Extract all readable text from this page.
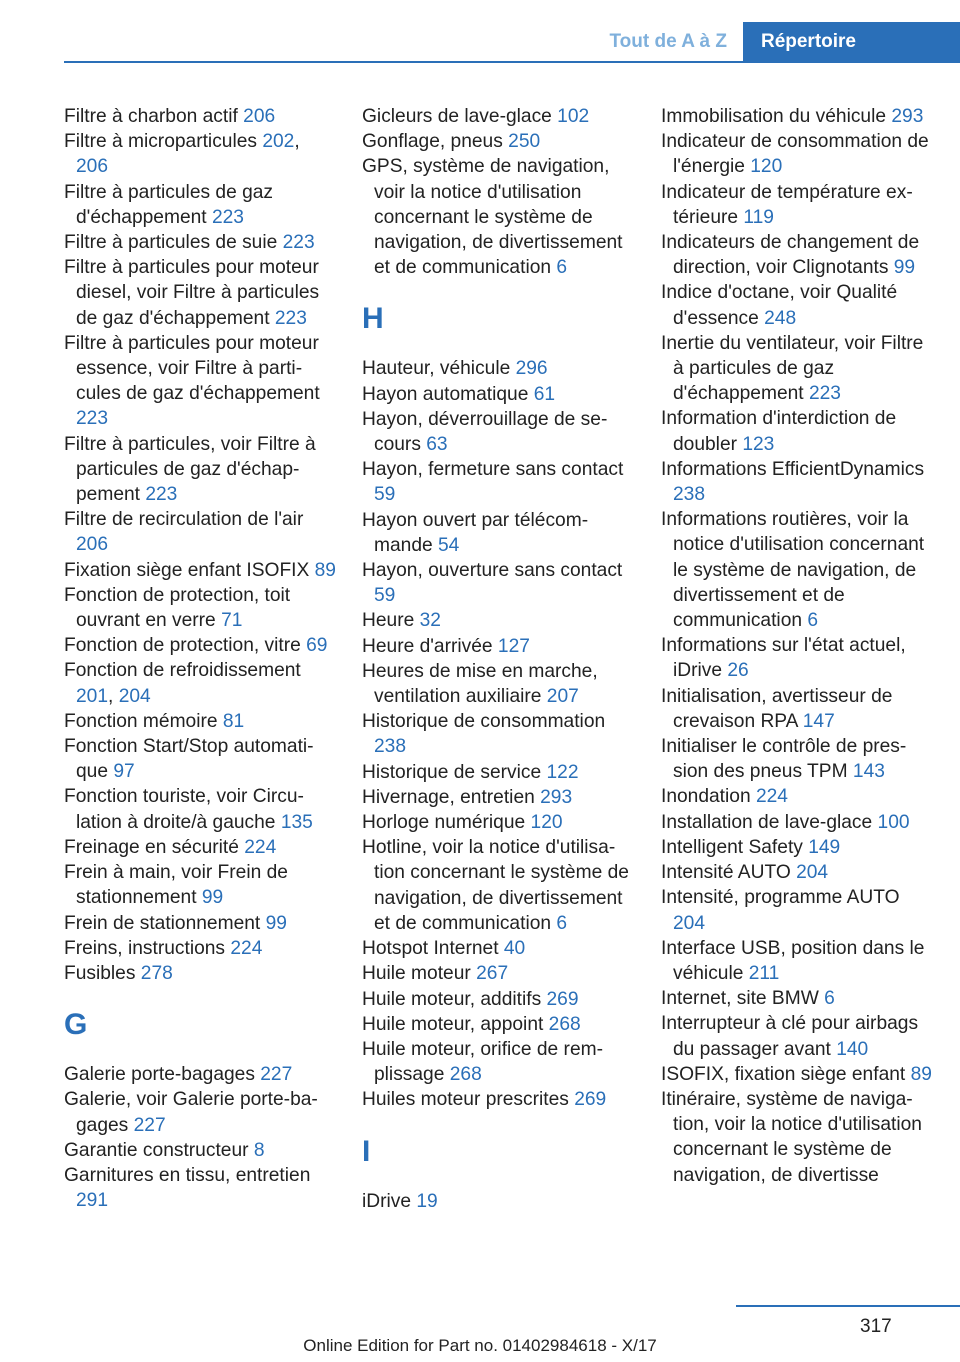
Tout de A à Z	Répertoire

Filtre à charbon actif 206

Filtre à microparticules 202, 206

Filtre à particules de gaz d'échappement 223

Filtre à particules de suie 223

Filtre à particules pour moteur diesel, voir Filtre à particules de gaz d'échappement 223

Filtre à particules pour moteur essence, voir Filtre à particules de gaz d'échappement 223

Filtre à particules, voir Filtre à particules de gaz d'échappement 223

Filtre de recirculation de l'air 206

Fixation siège enfant ISOFIX 89

Fonction de protection, toit ouvrant en verre 71

Fonction de protection, vitre 69

Fonction de refroidissement 201, 204

Fonction mémoire 81

Fonction Start/Stop automatique 97

Fonction touriste, voir Circulation à droite/à gauche 135

Freinage en sécurité 224

Frein à main, voir Frein de stationnement 99

Frein de stationnement 99

Freins, instructions 224

Fusibles 278

G

Galerie porte-bagages 227

Galerie, voir Galerie porte-bagages 227

Garantie constructeur 8

Garnitures en tissu, entretien 291

Gicleurs de lave-glace 102

Gonflage, pneus 250

GPS, système de navigation, voir la notice d'utilisation concernant le système de navigation, de divertissement et de communication 6

H

Hauteur, véhicule 296

Hayon automatique 61

Hayon, déverrouillage de secours 63

Hayon, fermeture sans contact 59

Hayon ouvert par télécommande 54

Hayon, ouverture sans contact 59

Heure 32

Heure d'arrivée 127

Heures de mise en marche, ventilation auxiliaire 207

Historique de consommation 238

Historique de service 122

Hivernage, entretien 293

Horloge numérique 120

Hotline, voir la notice d'utilisation concernant le système de navigation, de divertissement et de communication 6

Hotspot Internet 40

Huile moteur 267

Huile moteur, additifs 269

Huile moteur, appoint 268

Huile moteur, orifice de remplissage 268

Huiles moteur prescrites 269

I

iDrive 19

Immobilisation du véhicule 293

Indicateur de consommation de l'énergie 120

Indicateur de température extérieure 119

Indicateurs de changement de direction, voir Clignotants 99

Indice d'octane, voir Qualité d'essence 248

Inertie du ventilateur, voir Filtre à particules de gaz d'échappement 223

Information d'interdiction de doubler 123

Informations EfficientDynamics 238

Informations routières, voir la notice d'utilisation concernant le système de navigation, de divertissement et de communication 6

Informations sur l'état actuel, iDrive 26

Initialisation, avertisseur de crevaison RPA 147

Initialiser le contrôle de pression des pneus TPM 143

Inondation 224

Installation de lave-glace 100

Intelligent Safety 149

Intensité AUTO 204

Intensité, programme AUTO 204

Interface USB, position dans le véhicule 211

Internet, site BMW 6

Interrupteur à clé pour airbags du passager avant 140

ISOFIX, fixation siège enfant 89

Itinéraire, système de navigation, voir la notice d'utilisation concernant le système de navigation, de divertisse

317
Online Edition for Part no. 01402984618 - X/17
